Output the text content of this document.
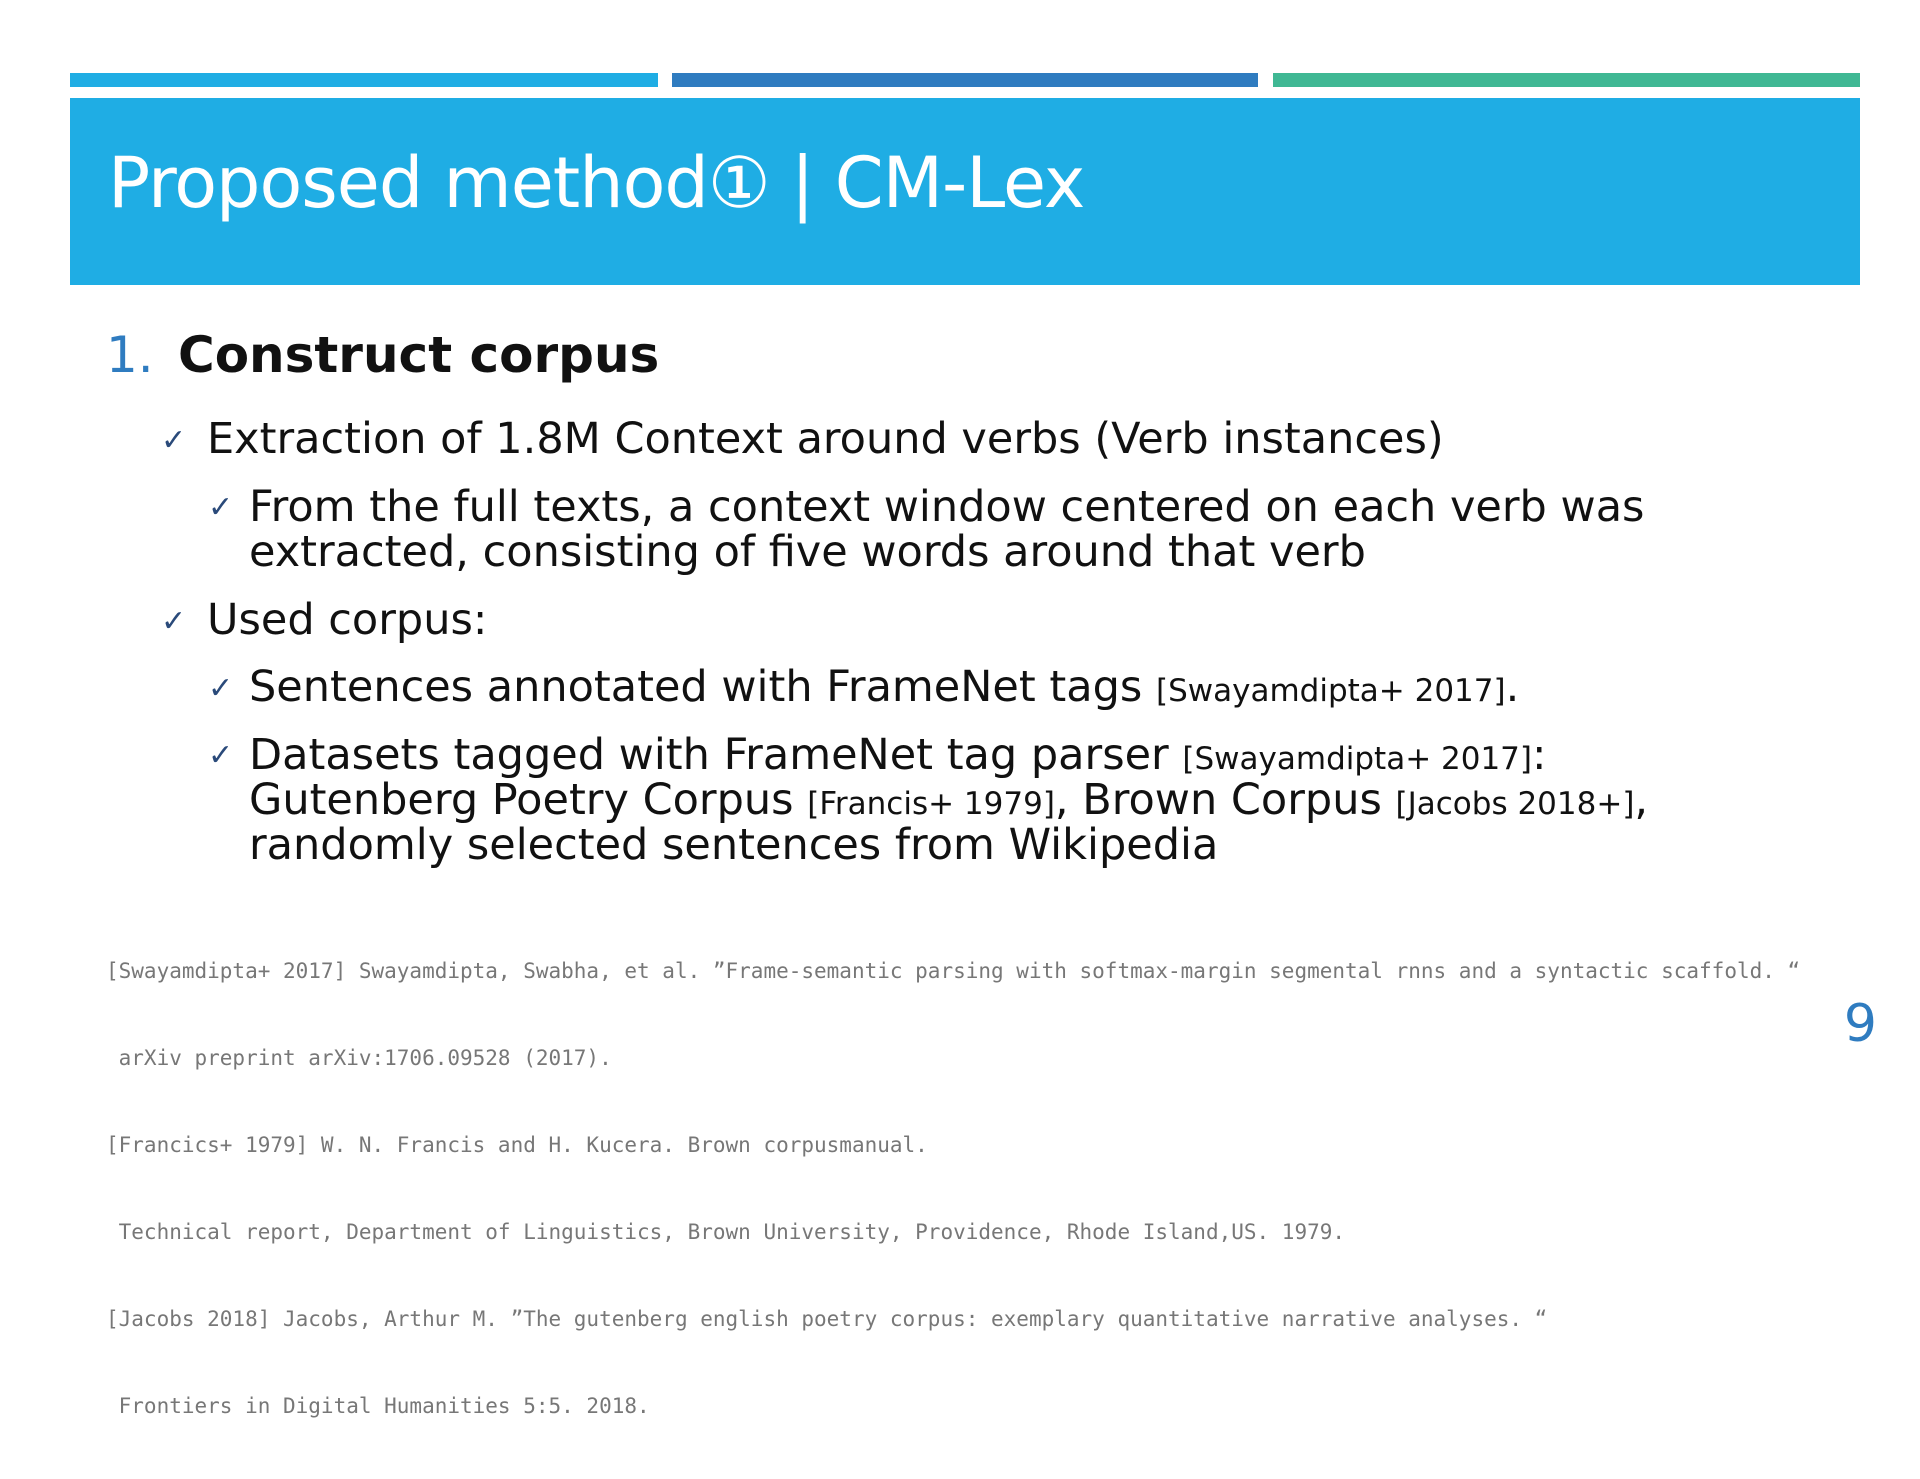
Proposed method① | CM-Lex
1. Construct corpus
✓ Extraction of 1.8M Context around verbs (Verb instances)
✓ From the full texts, a context window centered on each verb was
extracted, consisting of five words around that verb
✓ Used corpus:
✓ Sentences annotated with FrameNet tags [Swayamdipta+ 2017].
✓ Datasets tagged with FrameNet tag parser [Swayamdipta+ 2017]:
Gutenberg Poetry Corpus [Francis+ 1979], Brown Corpus [Jacobs 2018+],
randomly selected sentences from Wikipedia

[Swayamdipta+ 2017] Swayamdipta, Swabha, et al. ”Frame-semantic parsing with softmax-margin segmental rnns and a syntactic scaffold. “

arXiv preprint arXiv:1706.09528 (2017).

[Francics+ 1979] W. N. Francis and H. Kucera. Brown corpusmanual.

Technical report, Department of Linguistics, Brown University, Providence, Rhode Island,US. 1979.

[Jacobs 2018] Jacobs, Arthur M. ”The gutenberg english poetry corpus: exemplary quantitative narrative analyses. “

Frontiers in Digital Humanities 5:5. 2018.

9
